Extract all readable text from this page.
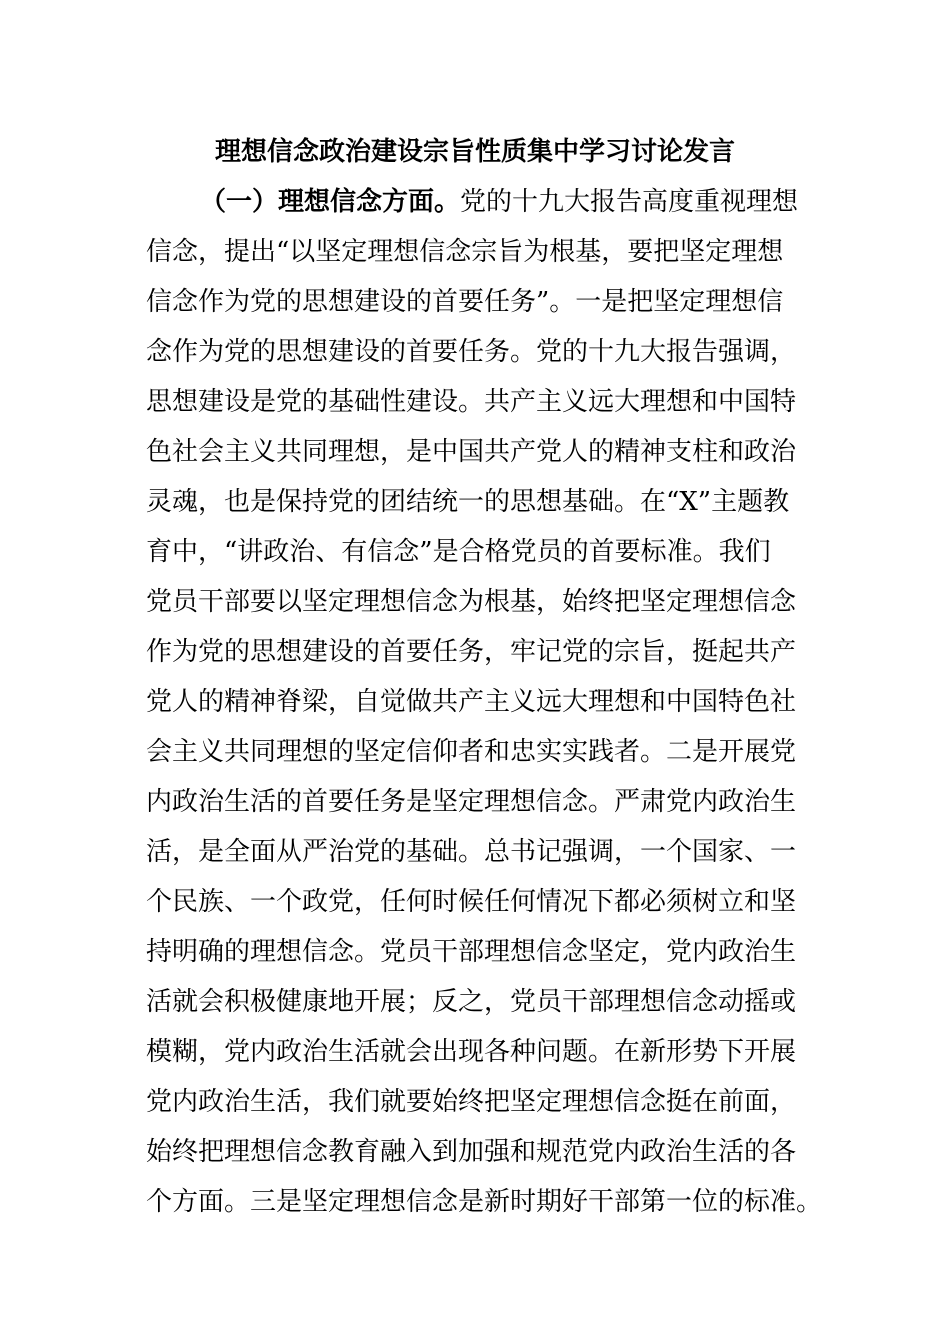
理想信念政治建设宗旨性质集中学习讨论发言
（一）理想信念方面。党的十九大报告高度重视理想
信念，提出“以坚定理想信念宗旨为根基，要把坚定理想
信念作为党的思想建设的首要任务”。一是把坚定理想信
念作为党的思想建设的首要任务。党的十九大报告强调，
思想建设是党的基础性建设。共产主义远大理想和中国特
色社会主义共同理想，是中国共产党人的精神支柱和政治
灵魂，也是保持党的团结统一的思想基础。在“X”主题教
育中，“讲政治、有信念”是合格党员的首要标准。我们
党员干部要以坚定理想信念为根基，始终把坚定理想信念
作为党的思想建设的首要任务，牢记党的宗旨，挺起共产
党人的精神脊梁，自觉做共产主义远大理想和中国特色社
会主义共同理想的坚定信仰者和忠实实践者。二是开展党
内政治生活的首要任务是坚定理想信念。严肃党内政治生
活，是全面从严治党的基础。总书记强调，一个国家、一
个民族、一个政党，任何时候任何情况下都必须树立和坚
持明确的理想信念。党员干部理想信念坚定，党内政治生
活就会积极健康地开展；反之，党员干部理想信念动摇或
模糊，党内政治生活就会出现各种问题。在新形势下开展
党内政治生活，我们就要始终把坚定理想信念挺在前面，
始终把理想信念教育融入到加强和规范党内政治生活的各
个方面。三是坚定理想信念是新时期好干部第一位的标准。
